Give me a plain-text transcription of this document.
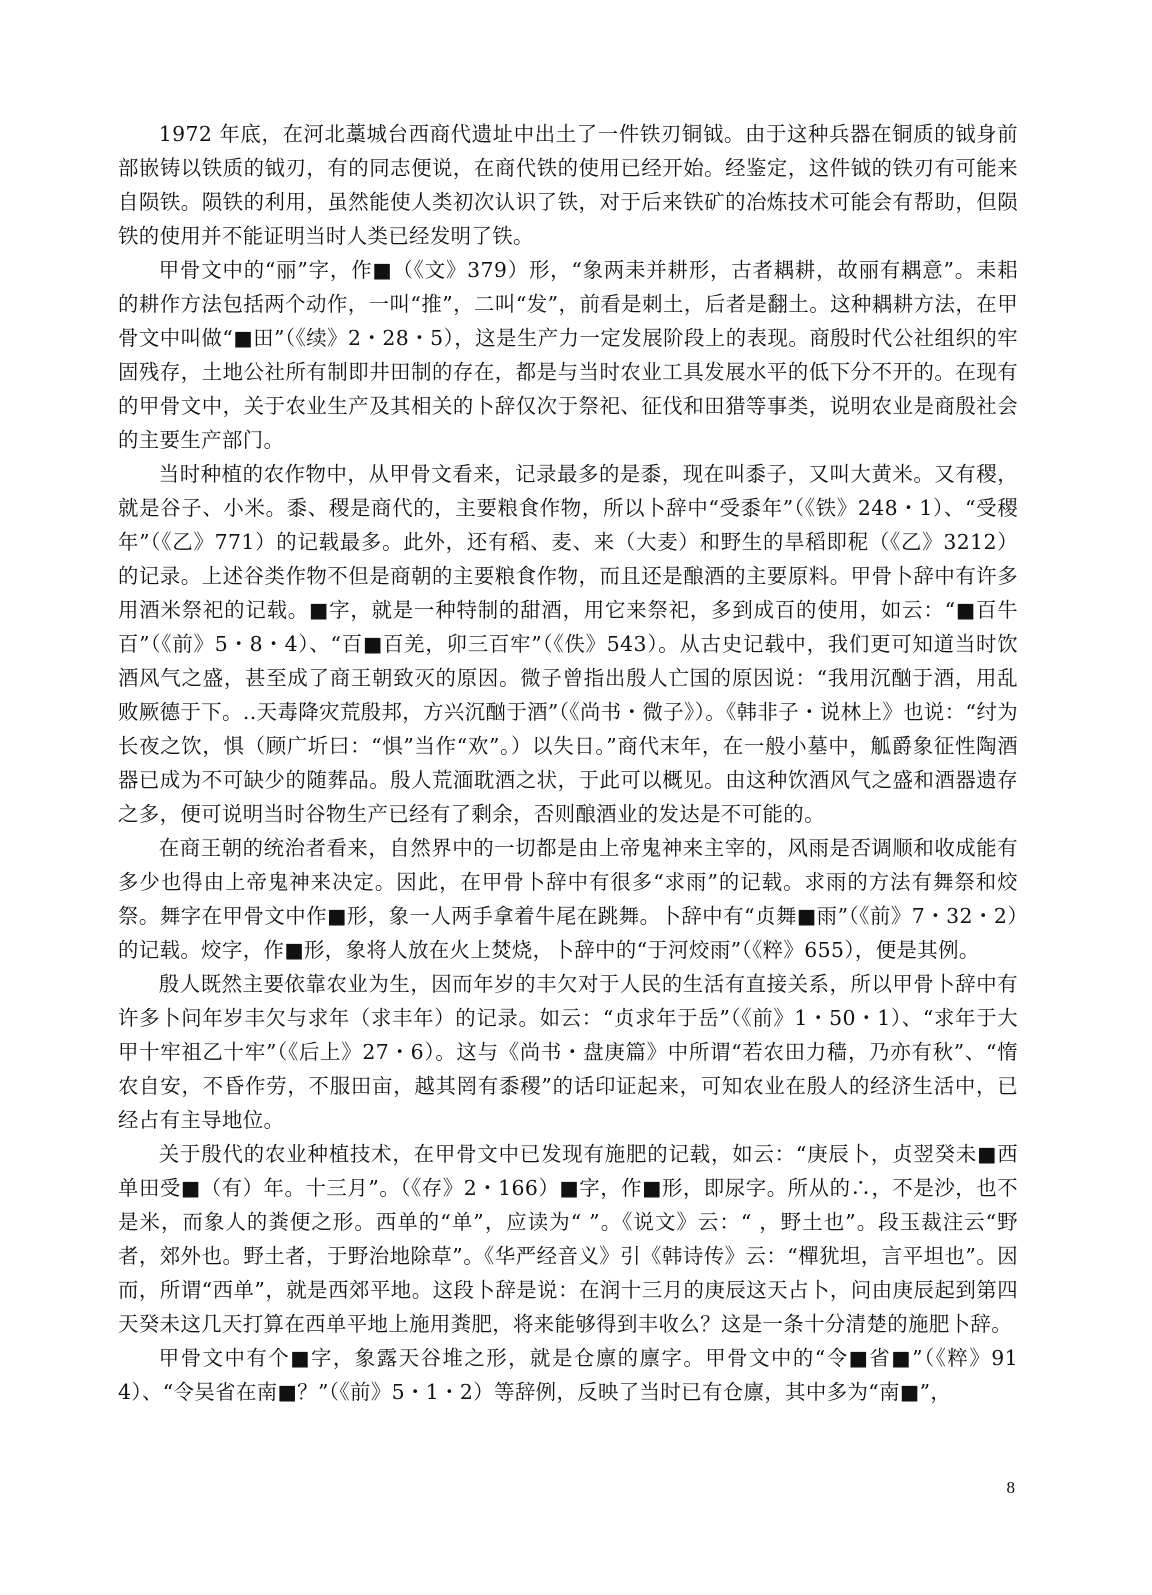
1972 年底，在河北藁城台西商代遗址中出土了一件铁刃铜钺。由于这种兵器在铜质的钺身前部嵌铸以铁质的钺刃，有的同志便说，在商代铁的使用已经开始。经鉴定，这件钺的铁刃有可能来自陨铁。陨铁的利用，虽然能使人类初次认识了铁，对于后来铁矿的冶炼技术可能会有帮助，但陨铁的使用并不能证明当时人类已经发明了铁。

甲骨文中的“丽”字，作■（《文》379）形，“象两耒并耕形，古者耦耕，故丽有耦意”。耒耜的耕作方法包括两个动作，一叫“推”，二叫“发”，前看是刺土，后者是翻土。这种耦耕方法，在甲骨文中叫做“■田”（《续》2・28・5），这是生产力一定发展阶段上的表现。商殷时代公社组织的牢固残存，土地公社所有制即井田制的存在，都是与当时农业工具发展水平的低下分不开的。在现有的甲骨文中，关于农业生产及其相关的卜辞仅次于祭祀、征伐和田猎等事类，说明农业是商殷社会的主要生产部门。

当时种植的农作物中，从甲骨文看来，记录最多的是黍，现在叫黍子，又叫大黄米。又有稷，就是谷子、小米。黍、稷是商代的，主要粮食作物，所以卜辞中“受黍年”（《铁》248・1）、“受稷年”（《乙》771）的记载最多。此外，还有稻、麦、来（大麦）和野生的旱稻即秜（《乙》3212）的记录。上述谷类作物不但是商朝的主要粮食作物，而且还是酿酒的主要原料。甲骨卜辞中有许多用酒米祭祀的记载。■字，就是一种特制的甜酒，用它来祭祀，多到成百的使用，如云：“■百牛百”（《前》5・8・4）、“百■百羌，卯三百牢”（《佚》543）。从古史记载中，我们更可知道当时饮酒风气之盛，甚至成了商王朝致灭的原因。微子曾指出殷人亡国的原因说：“我用沉酗于酒，用乱败厥德于下。..天毒降灾荒殷邦，方兴沉酗于酒”（《尚书・微子》）。《韩非子・说林上》也说：“纣为长夜之饮，惧（顾广圻曰：“惧”当作“欢”。）以失日。”商代末年，在一般小墓中，觚爵象征性陶酒器已成为不可缺少的随葬品。殷人荒湎耽酒之状，于此可以概见。由这种饮酒风气之盛和酒器遗存之多，便可说明当时谷物生产已经有了剩余，否则酿酒业的发达是不可能的。

在商王朝的统治者看来，自然界中的一切都是由上帝鬼神来主宰的，风雨是否调顺和收成能有多少也得由上帝鬼神来决定。因此，在甲骨卜辞中有很多“求雨”的记载。求雨的方法有舞祭和烄祭。舞字在甲骨文中作■形，象一人两手拿着牛尾在跳舞。卜辞中有“贞舞■雨”（《前》7・32・2）的记载。烄字，作■形，象将人放在火上焚烧，卜辞中的“于河烄雨”（《粹》655），便是其例。

殷人既然主要依靠农业为生，因而年岁的丰欠对于人民的生活有直接关系，所以甲骨卜辞中有许多卜问年岁丰欠与求年（求丰年）的记录。如云：“贞求年于岳”（《前》1・50・1）、“求年于大甲十牢祖乙十牢”（《后上》27・6）。这与《尚书・盘庚篇》中所谓“若农田力穑，乃亦有秋”、“惰农自安，不昏作劳，不服田亩，越其罔有黍稷”的话印证起来，可知农业在殷人的经济生活中，已经占有主导地位。

关于殷代的农业种植技术，在甲骨文中已发现有施肥的记载，如云：“庚辰卜，贞翌癸未■西单田受■（有）年。十三月”。（《存》2・166）■字，作■形，即尿字。所从的∴，不是沙，也不是米，而象人的粪便之形。西单的“单”，应读为“ ”。《说文》云：“ ，野土也”。段玉裁注云“野者，郊外也。野土者，于野治地除草”。《华严经音义》引《韩诗传》云：“樿犹坦，言平坦也”。因而，所谓“西单”，就是西郊平地。这段卜辞是说：在润十三月的庚辰这天占卜，问由庚辰起到第四天癸未这几天打算在西单平地上施用粪肥，将来能够得到丰收么？这是一条十分清楚的施肥卜辞。

甲骨文中有个■字，象露天谷堆之形，就是仓廪的廪字。甲骨文中的“令■省■”（《粹》914）、“令吴省在南■？”（《前》5・1・2）等辞例，反映了当时已有仓廪，其中多为“南■”，

8
